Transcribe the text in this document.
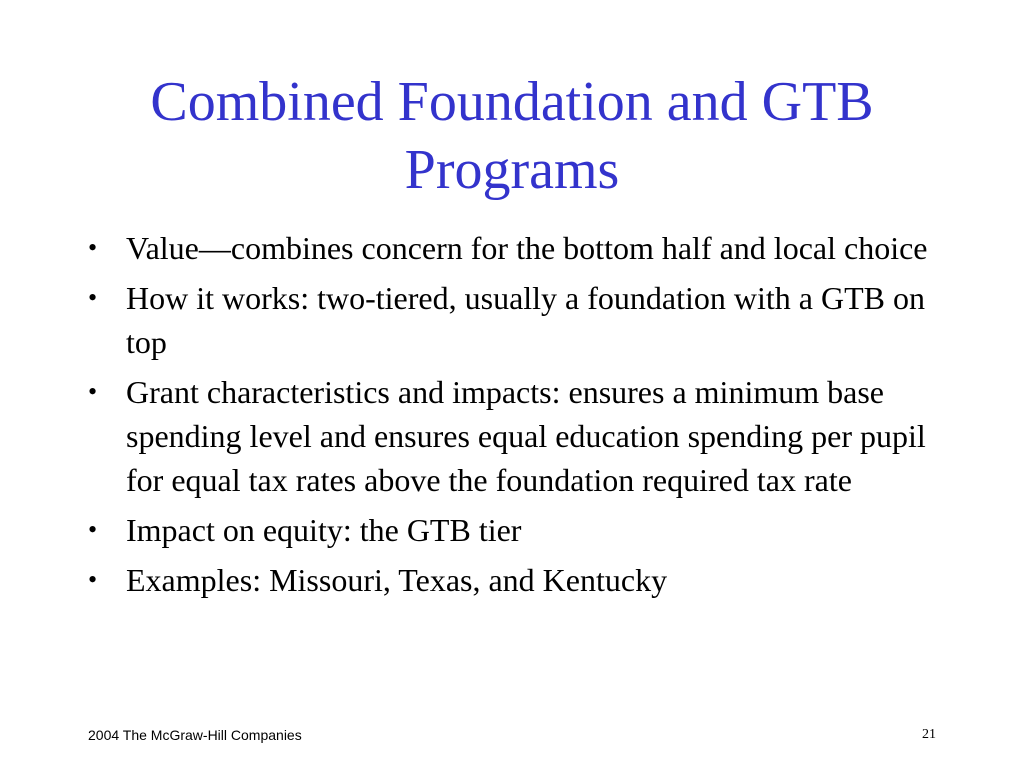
Combined Foundation and GTB
Programs
• Value—combines concern for the bottom half and local choice
• How it works: two-tiered, usually a foundation with a GTB on top
• Grant characteristics and impacts: ensures a minimum base spending level and ensures equal education spending per pupil for equal tax rates above the foundation required tax rate
• Impact on equity: the GTB tier
• Examples: Missouri, Texas, and Kentucky
2004 The McGraw-Hill Companies	21
